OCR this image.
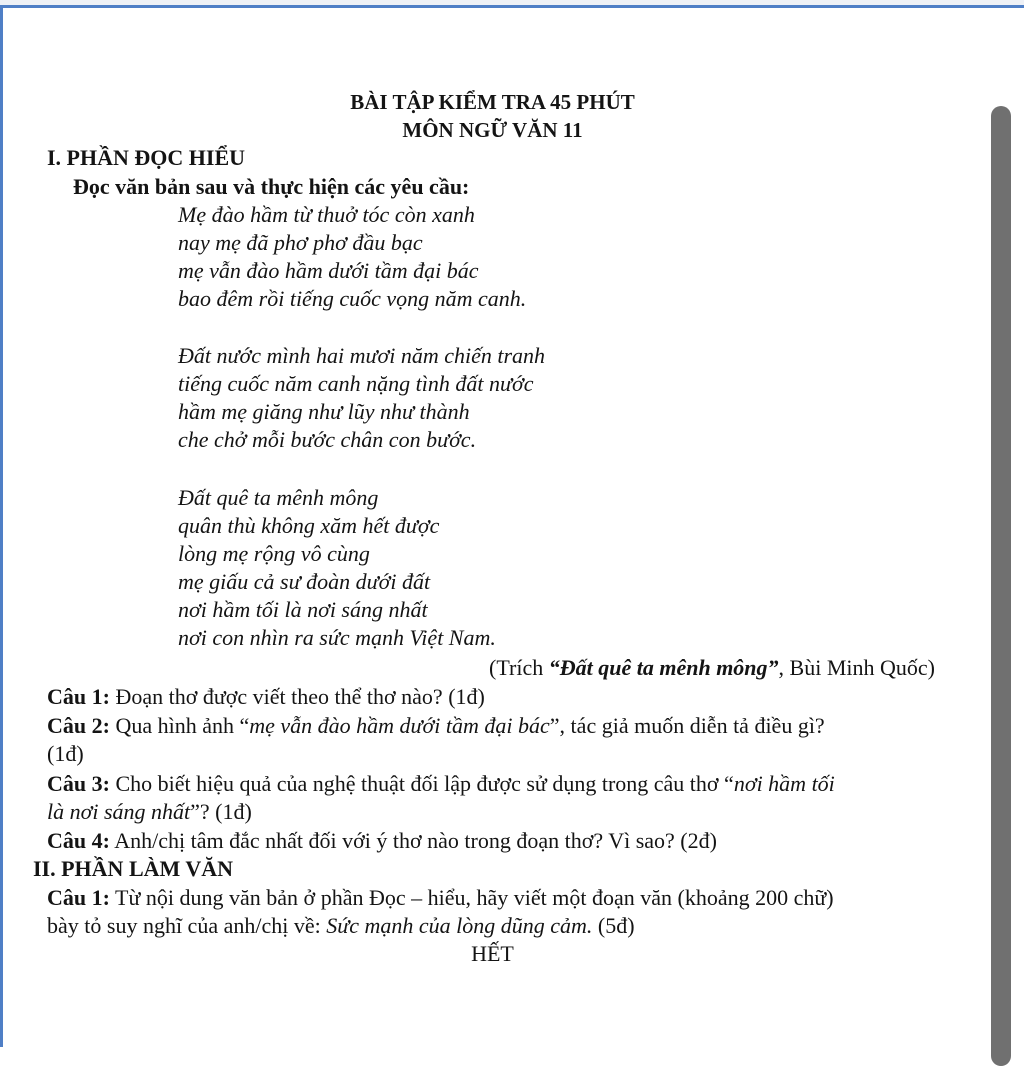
BÀI TẬP KIỂM TRA 45 PHÚT
MÔN NGỮ VĂN 11
I. PHẦN ĐỌC HIỂU
Đọc văn bản sau và thực hiện các yêu cầu:
Mẹ đào hầm từ thuở tóc còn xanh
nay mẹ đã phơ phơ đầu bạc
mẹ vẫn đào hầm dưới tầm đại bác
bao đêm rồi tiếng cuốc vọng năm canh.
Đất nước mình hai mươi năm chiến tranh
tiếng cuốc năm canh nặng tình đất nước
hầm mẹ giăng như lũy như thành
che chở mỗi bước chân con bước.
Đất quê ta mênh mông
quân thù không xăm hết được
lòng mẹ rộng vô cùng
mẹ giấu cả sư đoàn dưới đất
nơi hầm tối là nơi sáng nhất
nơi con nhìn ra sức mạnh Việt Nam.
(Trích “Đất quê ta mênh mông”, Bùi Minh Quốc)
Câu 1: Đoạn thơ được viết theo thể thơ nào? (1đ)
Câu 2: Qua hình ảnh “mẹ vẫn đào hầm dưới tầm đại bác”, tác giả muốn diễn tả điều gì?
(1đ)
Câu 3: Cho biết hiệu quả của nghệ thuật đối lập được sử dụng trong câu thơ “nơi hầm tối
là nơi sáng nhất”? (1đ)
Câu 4: Anh/chị tâm đắc nhất đối với ý thơ nào trong đoạn thơ? Vì sao? (2đ)
II. PHẦN LÀM VĂN
Câu 1: Từ nội dung văn bản ở phần Đọc – hiểu, hãy viết một đoạn văn (khoảng 200 chữ)
bày tỏ suy nghĩ của anh/chị về: Sức mạnh của lòng dũng cảm. (5đ)
HẾT
